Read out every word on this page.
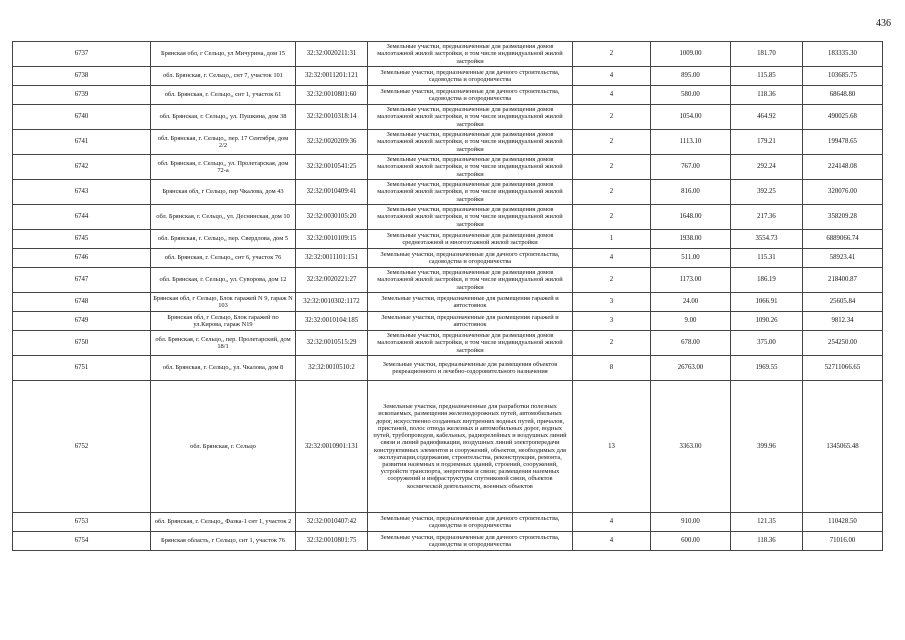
436
6737	Брянская обл, г Сельцо, ул Мичурина, дом 15	32:32:0020211:31	Земельные участки, предназначенные для размещения домов малоэтажной жилой застройки, в том числе индивидуальной жилой застройки	2	1009.00	181.70	183335.30
6738	обл. Брянская, г. Сельцо,, снт 7, участок 101	32:32:0011201:121	Земельные участки, предназначенные для дачного строительства, садоводства и огородничества	4	895.00	115.85	103685.75
6739	обл. Брянская, г. Сельцо,, снт 1, участок 61	32:32:0010801:60	Земельные участки, предназначенные для дачного строительства, садоводства и огородничества	4	580.00	118.36	68648.80
6740	обл. Брянская, г. Сельцо,, ул. Пушкина, дом 38	32:32:0010318:14	Земельные участки, предназначенные для размещения домов малоэтажной жилой застройки, в том числе индивидуальной жилой застройки	2	1054.00	464.92	490025.68
6741	обл. Брянская, г. Сельцо,, пер. 17 Сентября, дом 2/2	32:32:0020209:36	Земельные участки, предназначенные для размещения домов малоэтажной жилой застройки, в том числе индивидуальной жилой застройки	2	1113.10	179.21	199478.65
6742	обл. Брянская, г. Сельцо,, ул. Пролетарская, дом 72-а	32:32:0010541:25	Земельные участки, предназначенные для размещения домов малоэтажной жилой застройки, в том числе индивидуальной жилой застройки	2	767.00	292.24	224148.08
6743	Брянская обл, г Сельцо, пер Чкалова, дом 43	32:32:0010409:41	Земельные участки, предназначенные для размещения домов малоэтажной жилой застройки, в том числе индивидуальной жилой застройки	2	816.00	392.25	320076.00
6744	обл. Брянская, г. Сельцо,, ул. Деснинская, дом 10	32:32:0030105:20	Земельные участки, предназначенные для размещения домов малоэтажной жилой застройки, в том числе индивидуальной жилой застройки	2	1648.00	217.36	358209.28
6745	обл. Брянская, г. Сельцо,, пер. Свердлова, дом 5	32:32:0010109:15	Земельные участки, предназначенные для размещения домов среднеэтажной и многоэтажной жилой застройки	1	1938.00	3554.73	6889066.74
6746	обл. Брянская, г. Сельцо,, снт 6, участок 76	32:32:0011101:151	Земельные участки, предназначенные для дачного строительства, садоводства и огородничества	4	511.00	115.31	58923.41
6747	обл. Брянская, г. Сельцо,, ул. Суворова, дом 12	32:32:0020221:27	Земельные участки, предназначенные для размещения домов малоэтажной жилой застройки, в том числе индивидуальной жилой застройки	2	1173.00	186.19	218400.87
6748	Брянская обл, г Сельцо, Блок гаражей N 9, гараж N 103	32:32:0010302:1172	Земельные участки, предназначенные для размещения гаражей и автостоянок	3	24.00	1066.91	25605.84
6749	Брянская обл, г Сельцо, Блок гаражей по ул.Кирова, гараж N19	32:32:0010104:185	Земельные участки, предназначенные для размещения гаражей и автостоянок	3	9.00	1090.26	9812.34
6750	обл. Брянская, г. Сельцо,, пер. Пролетарский, дом 18/1	32:32:0010515:29	Земельные участки, предназначенные для размещения домов малоэтажной жилой застройки, в том числе индивидуальной жилой застройки	2	678.00	375.00	254250.00
6751	обл. Брянская, г. Сельцо,, ул. Чкалова, дом 8	32:32:0010510:2	Земельные участки, предназначенные для размещения объектов рекреационного и лечебно-оздоровительного назначения	8	26763.00	1969.55	52711066.65
6752	обл. Брянская, г. Сельцо	32:32:0010901:131	Земельные участки, предназначенные для разработки полезных ископаемых, размещения железнодорожных путей, автомобильных дорог, искусственно созданных внутренних водных путей, причалов, пристаней, полос отвода железных и автомобильных дорог, водных путей, трубопроводов, кабельных, радиорелейных и воздушных линий связи и линий радиофикации, воздушных линий электропередачи конструктивных элементов и сооружений, объектов, необходимых для эксплуатации,содержания, строительства, реконструкции, ремонта, развития наземных и подземных зданий, строений, сооружений, устройств транспорта, энергетики и связи; размещения наземных сооружений и инфраструктуры спутниковой связи, объектов космической деятельности, военных объектов	13	3363.00	399.96	1345065.48
6753	обл. Брянская, г. Сельцо,, Фазка-1 снт 1, участок 2	32:32:0010407:42	Земельные участки, предназначенные для дачного строительства, садоводства и огородничества	4	910.00	121.35	110428.50
6754	Брянская область, г Сельцо, снт 1, участок 76	32:32:0010801:75	Земельные участки, предназначенные для дачного строительства, садоводства и огородничества	4	600.00	118.36	71016.00
